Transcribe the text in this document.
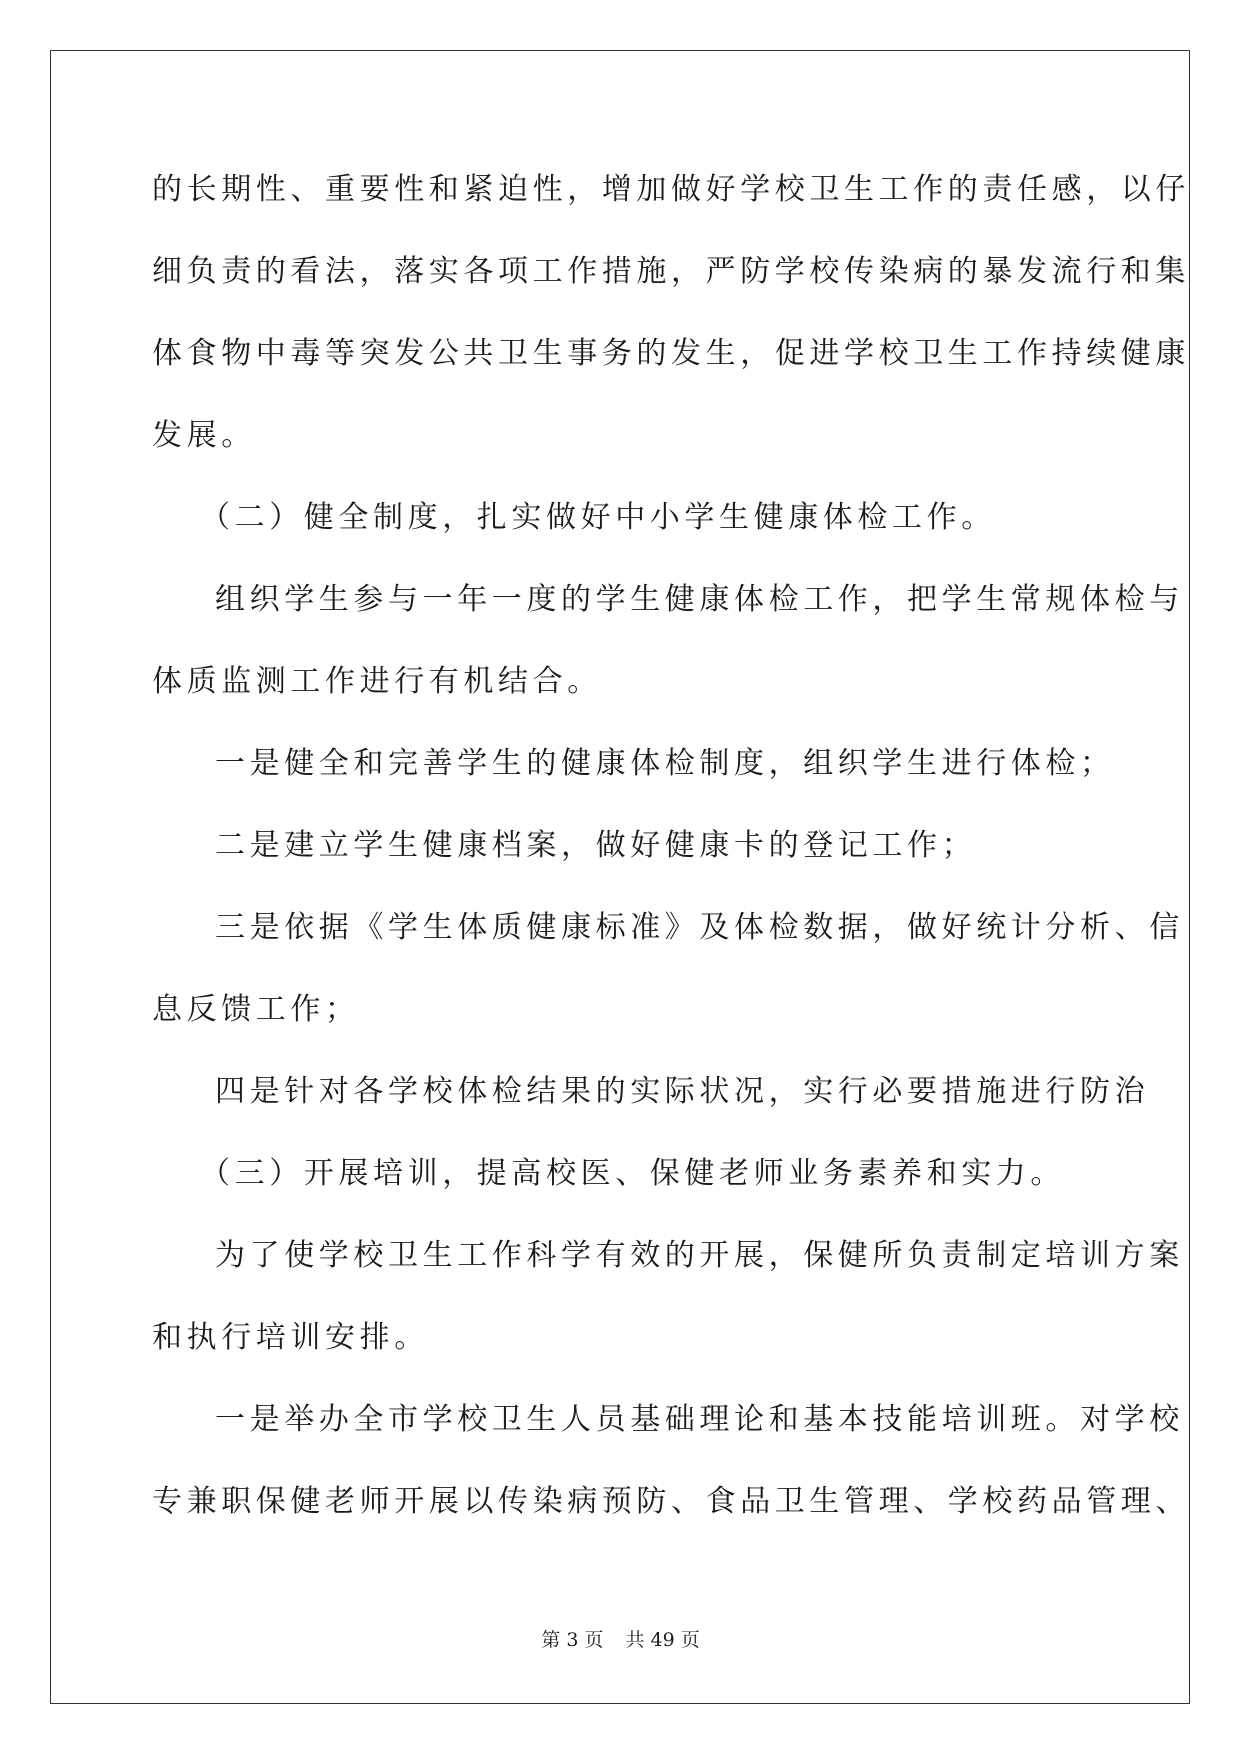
的长期性、重要性和紧迫性，增加做好学校卫生工作的责任感，以仔
细负责的看法，落实各项工作措施，严防学校传染病的暴发流行和集
体食物中毒等突发公共卫生事务的发生，促进学校卫生工作持续健康
发展。
（二）健全制度，扎实做好中小学生健康体检工作。
组织学生参与一年一度的学生健康体检工作，把学生常规体检与
体质监测工作进行有机结合。
一是健全和完善学生的健康体检制度，组织学生进行体检；
二是建立学生健康档案，做好健康卡的登记工作；
三是依据《学生体质健康标准》及体检数据，做好统计分析、信
息反馈工作；
四是针对各学校体检结果的实际状况，实行必要措施进行防治
（三）开展培训，提高校医、保健老师业务素养和实力。
为了使学校卫生工作科学有效的开展，保健所负责制定培训方案
和执行培训安排。
一是举办全市学校卫生人员基础理论和基本技能培训班。对学校
专兼职保健老师开展以传染病预防、食品卫生管理、学校药品管理、
第 3 页 共 49 页
